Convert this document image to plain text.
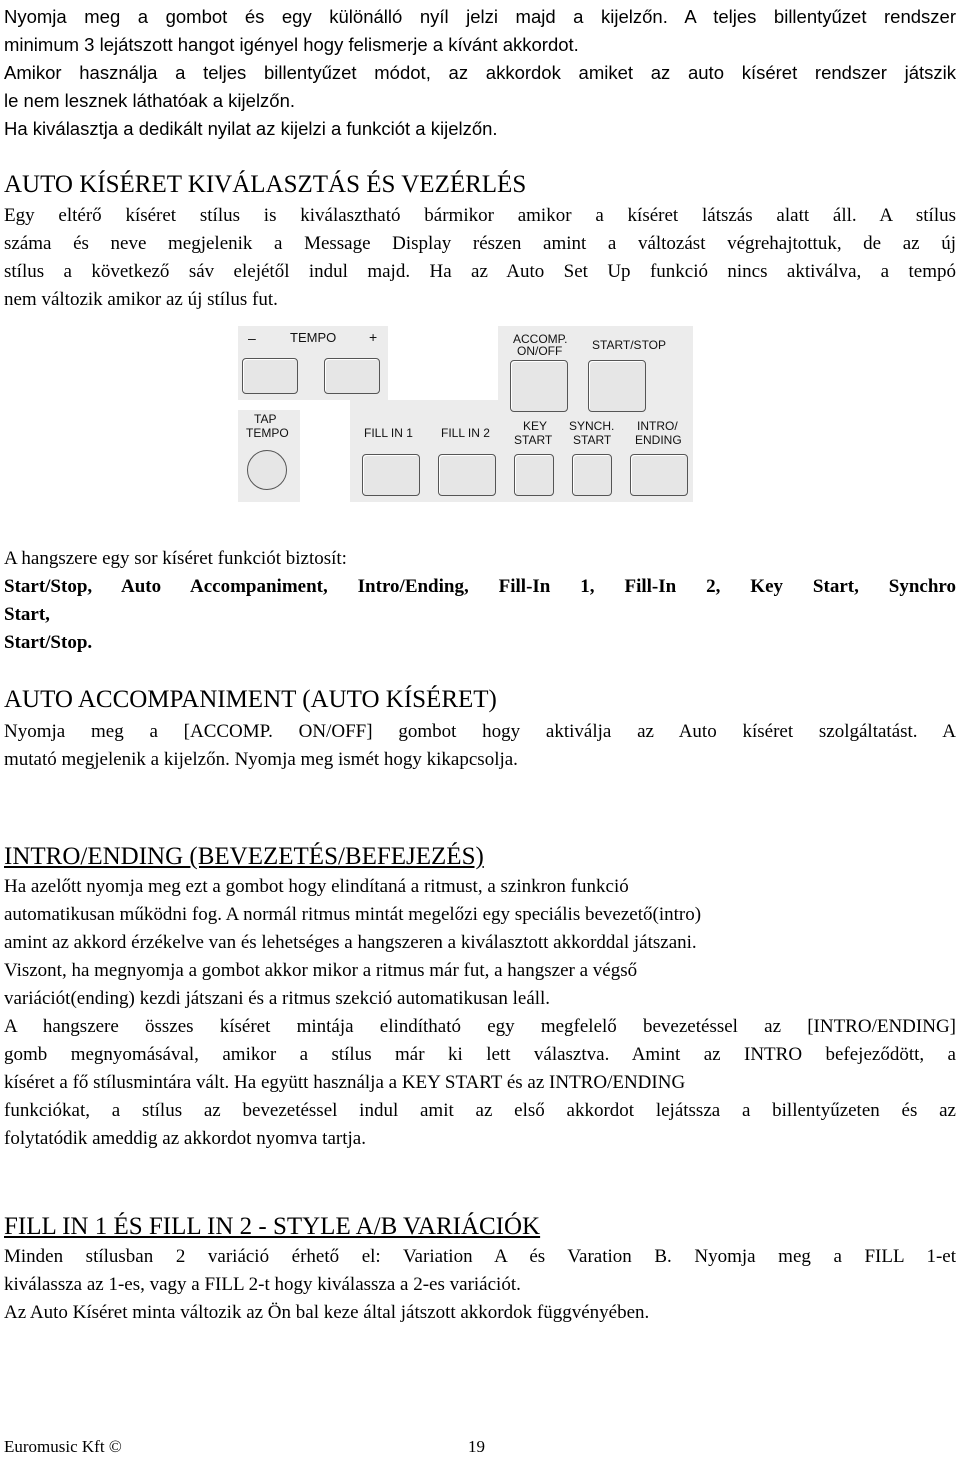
Nyomja meg a gombot és egy különálló nyíl jelzi majd a kijelzőn. A teljes billentyűzet rendszer
minimum 3 lejátszott hangot igényel hogy felismerje a kívánt akkordot.
Amikor használja a teljes billentyűzet módot, az akkordok amiket az auto kíséret rendszer játszik
le nem lesznek láthatóak a kijelzőn.
Ha kiválasztja a dedikált nyilat az kijelzi a funkciót a kijelzőn.
AUTO KÍSÉRET KIVÁLASZTÁS ÉS VEZÉRLÉS
Egy eltérő kíséret stílus is kiválasztható bármikor amikor a kíséret látszás alatt áll. A stílus
száma és neve megjelenik a Message Display részen amint a változást végrehajtottuk, de az új
stílus a következő sáv elejétől indul majd. Ha az Auto Set Up funkció nincs aktiválva, a tempó
nem változik amikor az új stílus fut.
–	TEMPO +	ACCOMP.
ON/OFF START/STOP
TAP
TEMPO	FILL IN 1 FILL IN 2	KEY
START
SYNCH.
START
INTRO/
ENDING
A hangszere egy sor kíséret funkciót biztosít:
Start/Stop, Auto Accompaniment, Intro/Ending, Fill-In 1, Fill-In 2, Key Start, Synchro
Start,
Start/Stop.
AUTO ACCOMPANIMENT (AUTO KÍSÉRET)
Nyomja meg a [ACCOMP. ON/OFF] gombot hogy aktiválja az Auto kíséret szolgáltatást. A
mutató megjelenik a kijelzőn. Nyomja meg ismét hogy kikapcsolja.
INTRO/ENDING (BEVEZETÉS/BEFEJEZÉS)
Ha azelőtt nyomja meg ezt a gombot hogy elindítaná a ritmust, a szinkron funkció
automatikusan működni fog. A normál ritmus mintát megelőzi egy speciális bevezető(intro)
amint az akkord érzékelve van és lehetséges a hangszeren a kiválasztott akkorddal játszani.
Viszont, ha megnyomja a gombot akkor mikor a ritmus már fut, a hangszer a végső
variációt(ending) kezdi játszani és a ritmus szekció automatikusan leáll.
A hangszere összes kíséret mintája elindítható egy megfelelő bevezetéssel az [INTRO/ENDING]
gomb megnyomásával, amikor a stílus már ki lett választva. Amint az INTRO befejeződött, a
kíséret a fő stílusmintára vált. Ha együtt használja a KEY START és az INTRO/ENDING
funkciókat, a stílus az bevezetéssel indul amit az első akkordot lejátssza a billentyűzeten és az
folytatódik ameddig az akkordot nyomva tartja.
FILL IN 1 ÉS FILL IN 2 - STYLE A/B VARIÁCIÓK
Minden stílusban 2 variáció érhető el: Variation A és Varation B. Nyomja meg a FILL 1-et
kiválassza az 1-es, vagy a FILL 2-t hogy kiválassza a 2-es variációt.
Az Auto Kíséret minta változik az Ön bal keze által játszott akkordok függvényében.
Euromusic Kft ©	19
